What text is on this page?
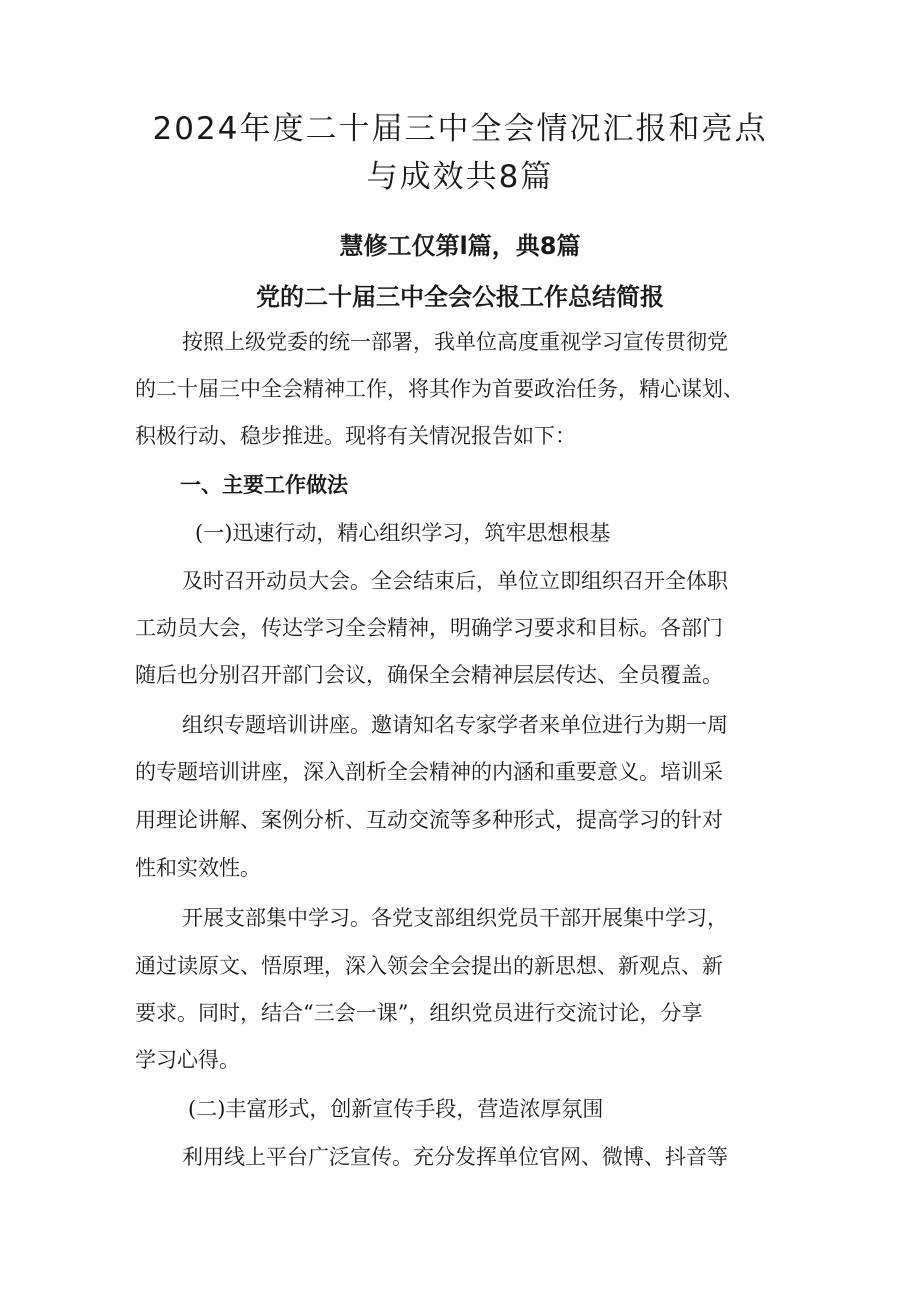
2024年度二十届三中全会情况汇报和亮点
与成效共8篇
慧修工仅第l篇，典8篇
党的二十届三中全会公报工作总结简报

按照上级党委的统一部署，我单位高度重视学习宣传贯彻党

的二十届三中全会精神工作，将其作为首要政治任务，精心谋划、

积极行动、稳步推进。现将有关情况报告如下：

一、主要工作做法

(一)迅速行动，精心组织学习，筑牢思想根基

及时召开动员大会。全会结束后，单位立即组织召开全体职

工动员大会，传达学习全会精神，明确学习要求和目标。各部门

随后也分别召开部门会议，确保全会精神层层传达、全员覆盖。

组织专题培训讲座。邀请知名专家学者来单位进行为期一周

的专题培训讲座，深入剖析全会精神的内涵和重要意义。培训采

用理论讲解、案例分析、互动交流等多种形式，提高学习的针对

性和实效性。

开展支部集中学习。各党支部组织党员干部开展集中学习，

通过读原文、悟原理，深入领会全会提出的新思想、新观点、新

要求。同时，结合“三会一课”，组织党员进行交流讨论，分享

学习心得。

(二)丰富形式，创新宣传手段，营造浓厚氛围

利用线上平台广泛宣传。充分发挥单位官网、微博、抖音等
